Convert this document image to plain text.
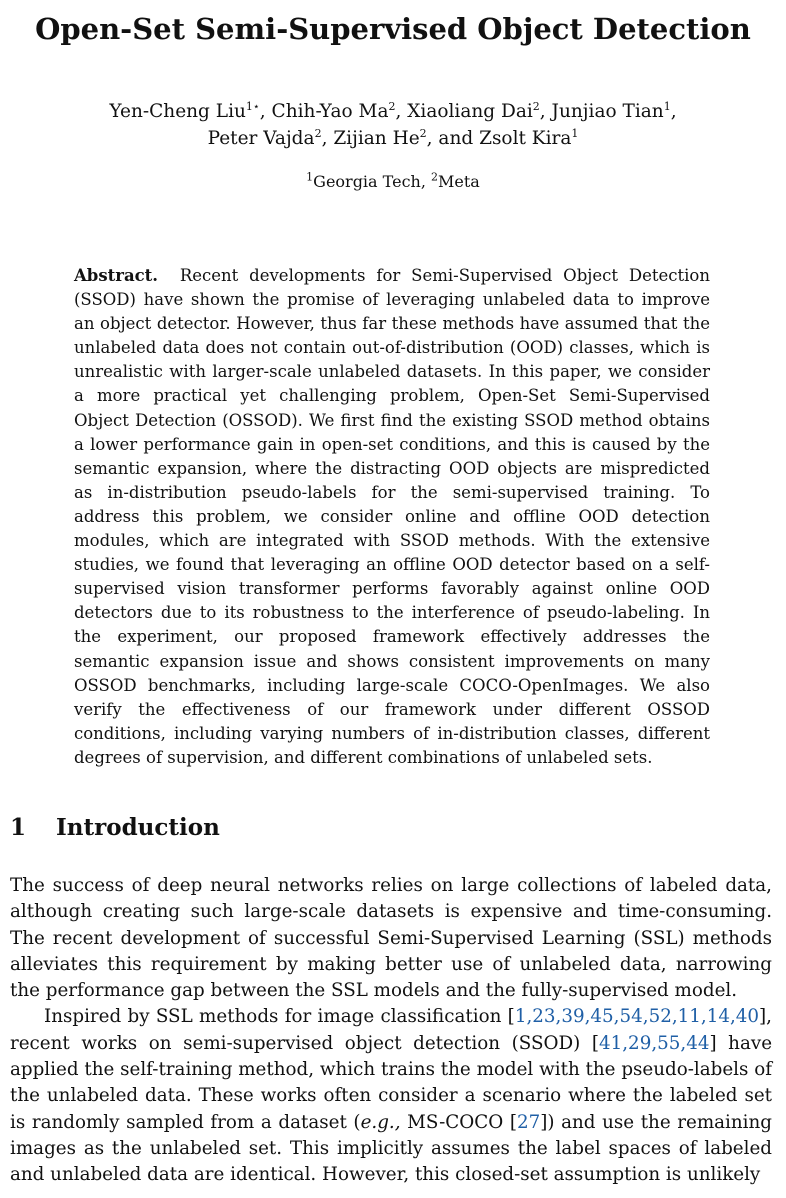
Open-Set Semi-Supervised Object Detection
Yen-Cheng Liu$^{1⋆}$, Chih-Yao Ma$^2$, Xiaoliang Dai$^2$, Junjiao Tian$^1$,
Peter Vajda$^2$, Zijian He$^2$, and Zsolt Kira$^1$
$^1$Georgia Tech, $^2$Meta
Abstract. Recent developments for Semi-Supervised Object Detection (SSOD) have shown the promise of leveraging unlabeled data to improve an object detector. However, thus far these methods have assumed that the unlabeled data does not contain out-of-distribution (OOD) classes, which is unrealistic with larger-scale unlabeled datasets. In this paper, we consider a more practical yet challenging problem, Open-Set Semi-Supervised Object Detection (OSSOD). We first find the existing SSOD method obtains a lower performance gain in open-set conditions, and this is caused by the semantic expansion, where the distracting OOD objects are mispredicted as in-distribution pseudo-labels for the semi-supervised training. To address this problem, we consider online and offline OOD detection modules, which are integrated with SSOD methods. With the extensive studies, we found that leveraging an offline OOD detector based on a self-supervised vision transformer performs favorably against online OOD detectors due to its robustness to the interference of pseudo-labeling. In the experiment, our proposed framework effectively addresses the semantic expansion issue and shows consistent improvements on many OSSOD benchmarks, including large-scale COCO-OpenImages. We also verify the effectiveness of our framework under different OSSOD conditions, including varying numbers of in-distribution classes, different degrees of supervision, and different combinations of unlabeled sets.
1 Introduction

The success of deep neural networks relies on large collections of labeled data, although creating such large-scale datasets is expensive and time-consuming. The recent development of successful Semi-Supervised Learning (SSL) methods alleviates this requirement by making better use of unlabeled data, narrowing the performance gap between the SSL models and the fully-supervised model.

Inspired by SSL methods for image classification [1,23,39,45,54,52,11,14,40], recent works on semi-supervised object detection (SSOD) [41,29,55,44] have applied the self-training method, which trains the model with the pseudo-labels of the unlabeled data. These works often consider a scenario where the labeled set is randomly sampled from a dataset (e.g., MS-COCO [27]) and use the remaining images as the unlabeled set. This implicitly assumes the label spaces of labeled and unlabeled data are identical. However, this closed-set assumption is unlikely
